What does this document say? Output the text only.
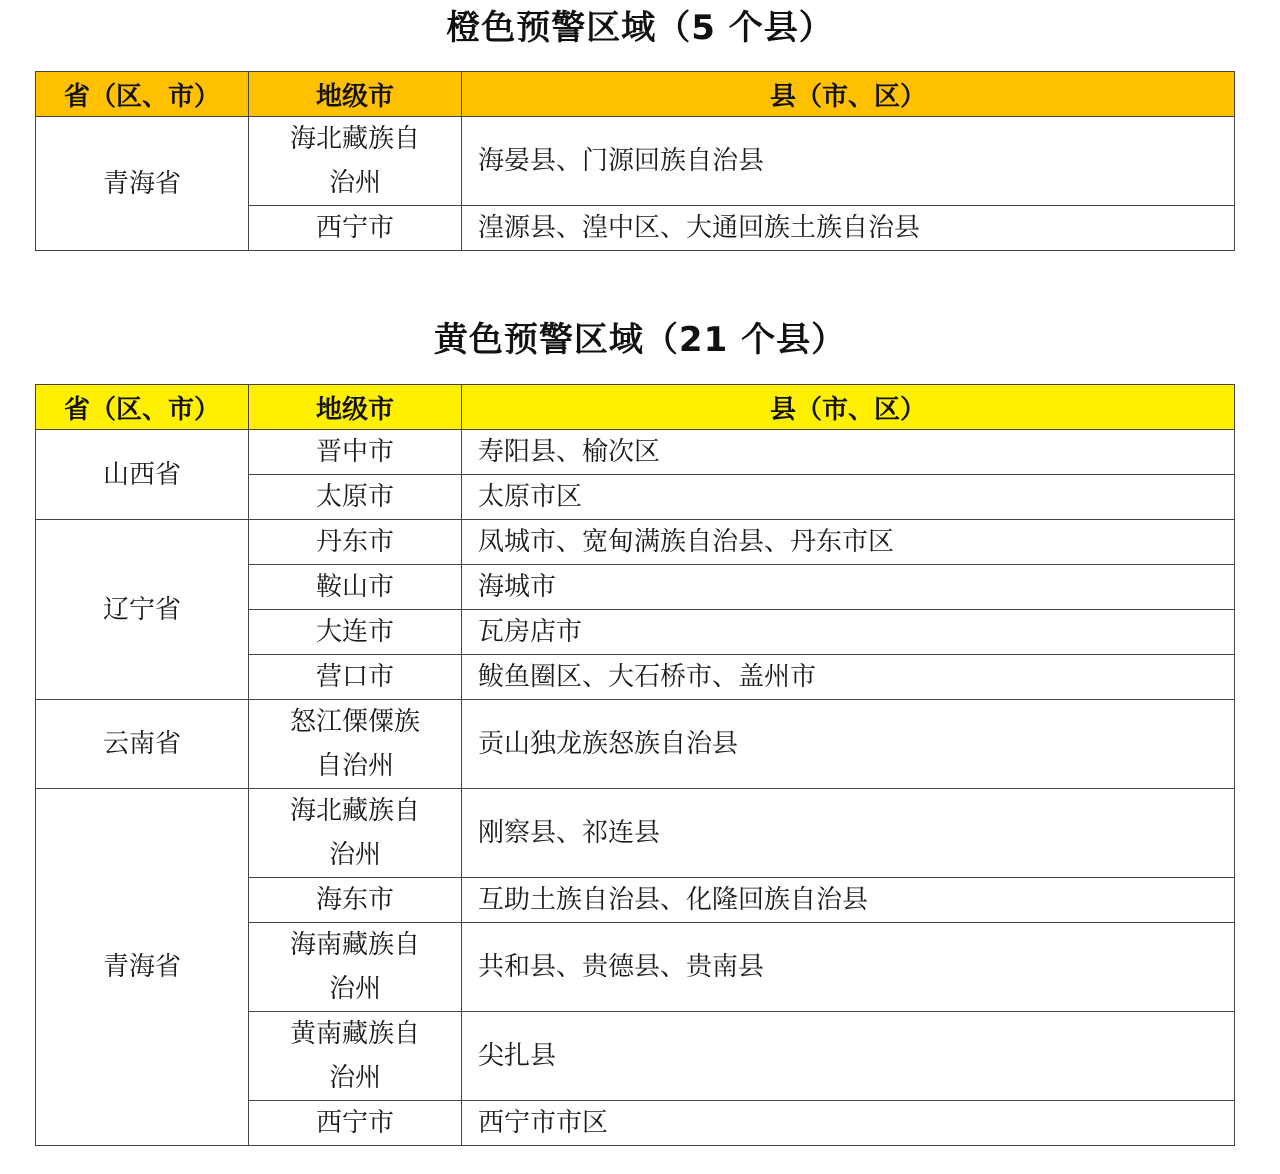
橙色预警区域（5 个县）
省（区、市）	地级市	县（市、区）
青海省	海北藏族自治州	海晏县、门源回族自治县
	西宁市	湟源县、湟中区、大通回族土族自治县
黄色预警区域（21 个县）
省（区、市）	地级市	县（市、区）
山西省	晋中市	寿阳县、榆次区
	太原市	太原市区
辽宁省	丹东市	凤城市、宽甸满族自治县、丹东市区
	鞍山市	海城市
	大连市	瓦房店市
	营口市	鲅鱼圈区、大石桥市、盖州市
云南省	怒江傈僳族自治州	贡山独龙族怒族自治县
青海省	海北藏族自治州	刚察县、祁连县
	海东市	互助土族自治县、化隆回族自治县
	海南藏族自治州	共和县、贵德县、贵南县
	黄南藏族自治州	尖扎县
	西宁市	西宁市市区
